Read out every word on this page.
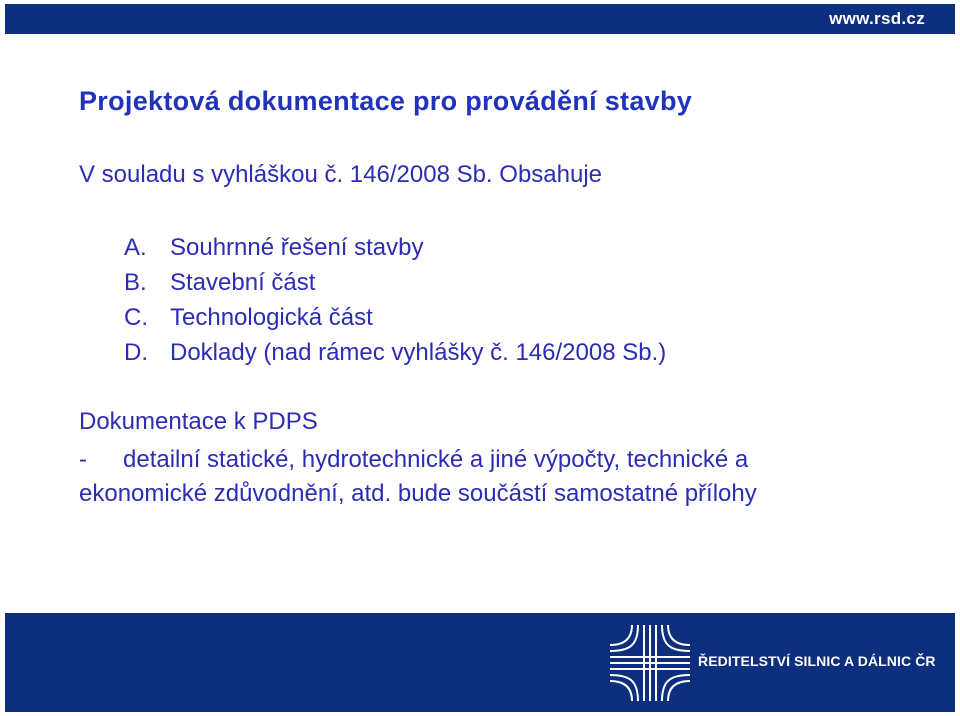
www.rsd.cz
Projektová dokumentace pro provádění stavby
V souladu s vyhláškou č. 146/2008 Sb. Obsahuje
A. Souhrnné řešení stavby
B. Stavební část
C. Technologická část
D. Doklady (nad rámec vyhlášky č. 146/2008 Sb.)
Dokumentace k PDPS
- detailní statické, hydrotechnické a jiné výpočty, technické a
ekonomické zdůvodnění, atd. bude součástí samostatné přílohy
ŘEDITELSTVÍ SILNIC A DÁLNIC ČR
